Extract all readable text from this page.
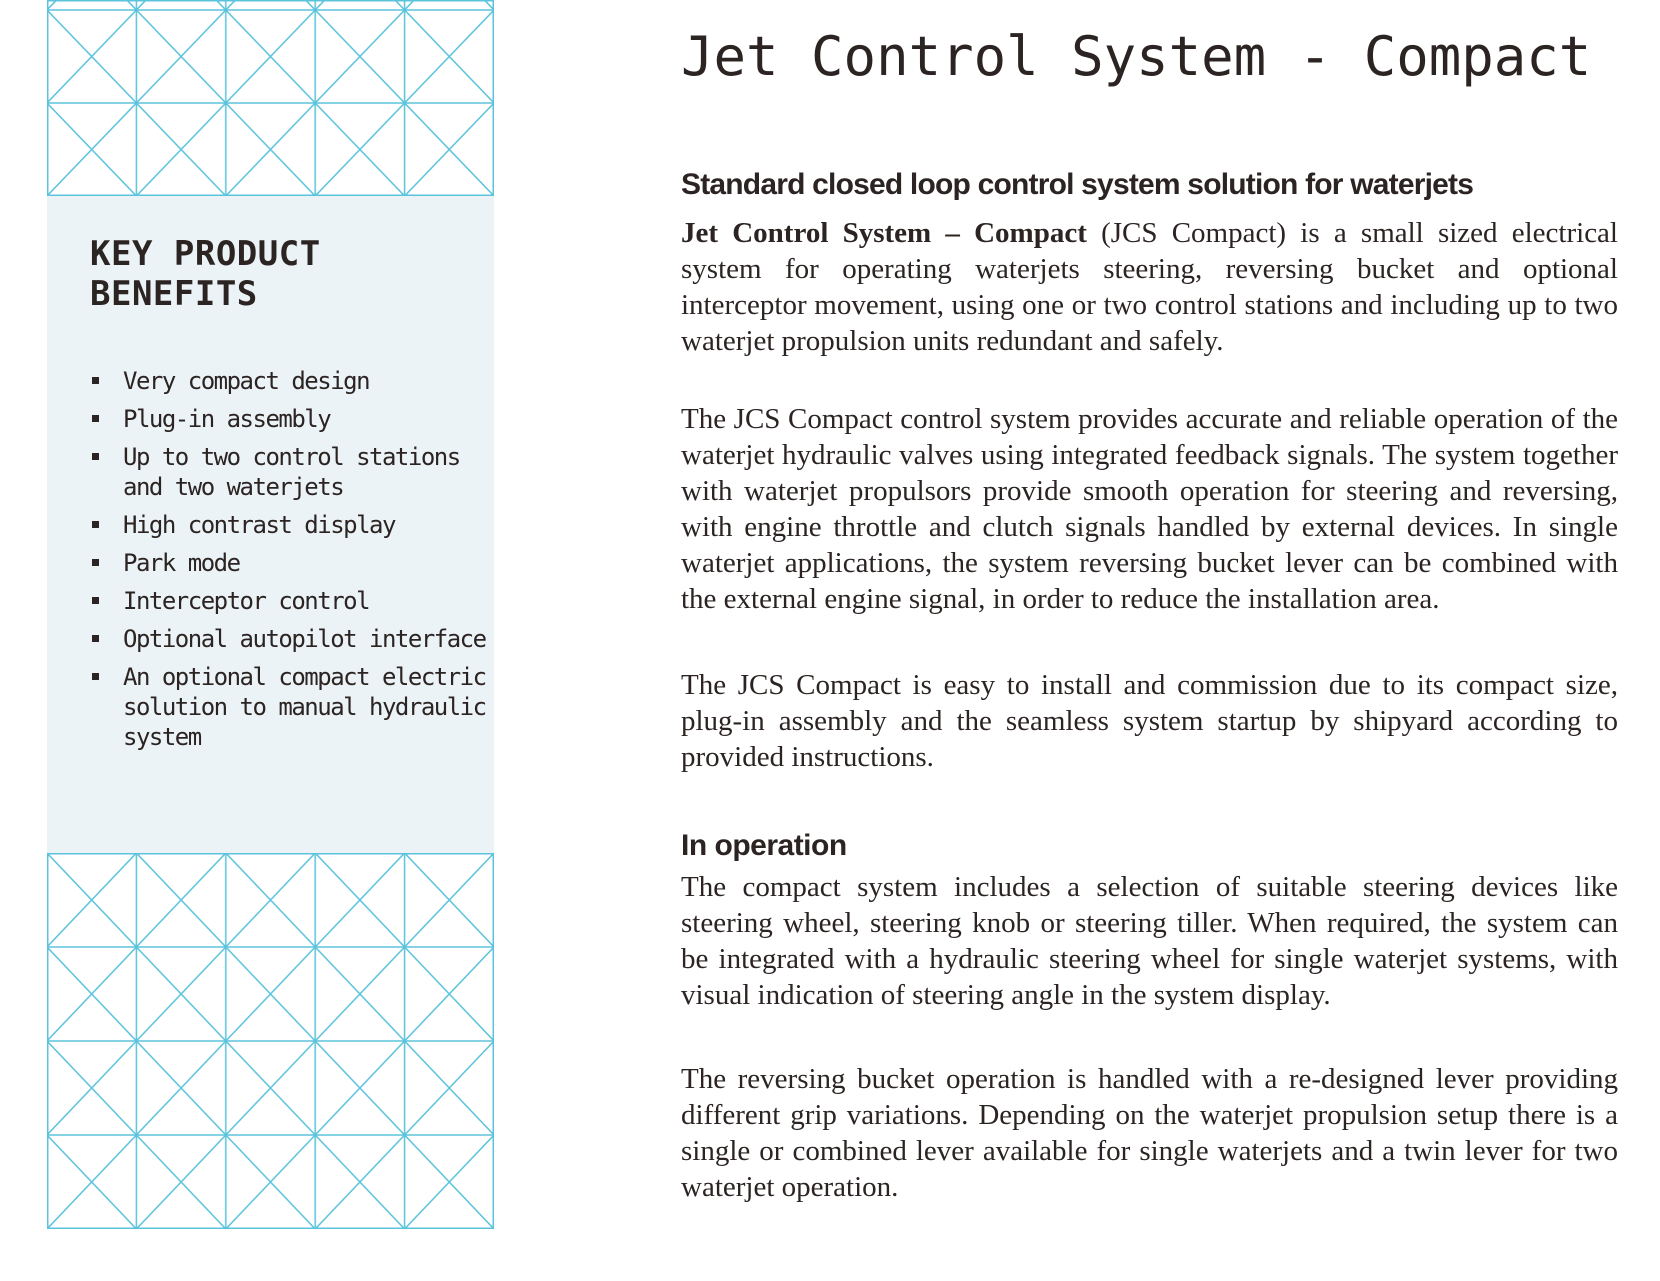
KEY PRODUCT BENEFITS
Very compact design
Plug-in assembly
Up to two control stations and two waterjets
High contrast display
Park mode
Interceptor control
Optional autopilot interface
An optional compact electric solution to manual hydraulic system
Jet Control System - Compact
Standard closed loop control system solution for waterjets

Jet Control System – Compact (JCS Compact) is a small sized electrical system for operating waterjets steering, reversing bucket and optional interceptor movement, using one or two control stations and including up to two waterjet propulsion units redundant and safely.

The JCS Compact control system provides accurate and reliable operation of the waterjet hydraulic valves using integrated feedback signals. The system together with waterjet propulsors provide smooth operation for steering and reversing, with engine throttle and clutch signals handled by external devices. In single waterjet applications, the system reversing bucket lever can be combined with the external engine signal, in order to reduce the installation area.

The JCS Compact is easy to install and commission due to its compact size, plug-in assembly and the seamless system startup by shipyard according to provided instructions.

In operation

The compact system includes a selection of suitable steering devices like steering wheel, steering knob or steering tiller. When required, the system can be integrated with a hydraulic steering wheel for single waterjet systems, with visual indication of steering angle in the system display.

The reversing bucket operation is handled with a re-designed lever providing different grip variations. Depending on the waterjet propulsion setup there is a single or combined lever available for single waterjets and a twin lever for two waterjet operation.
